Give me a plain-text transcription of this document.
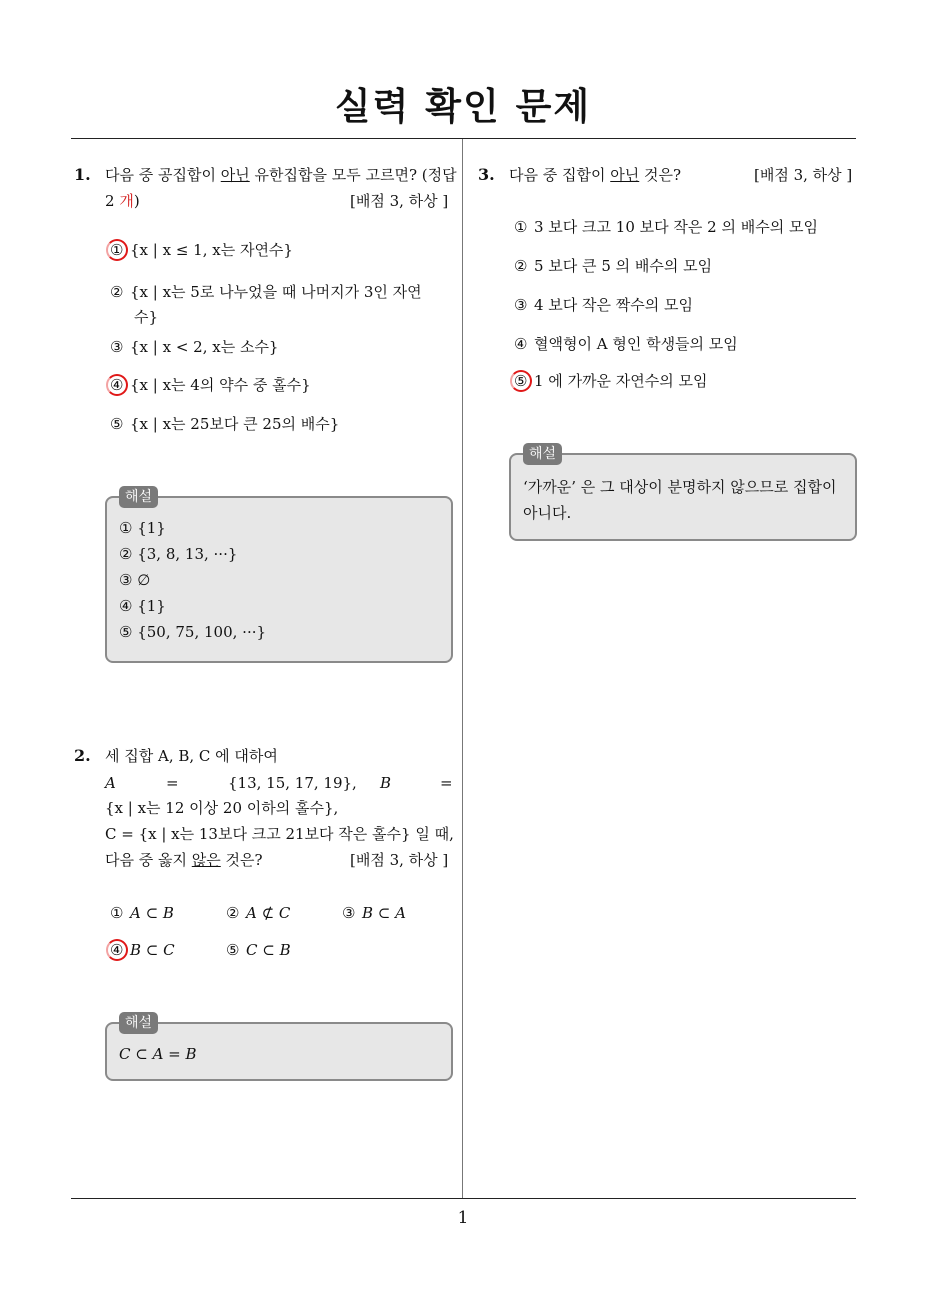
실력 확인 문제
1
1. 다음 중 공집합이 아닌 유한집합을 모두 고르면? (정답
2 개)	[배점 3, 하상 ]
① {x | x ≤ 1, x는 자연수}
② {x | x는 5로 나누었을 때 나머지가 3인 자연
수}
③ {x | x < 2, x는 소수}
④ {x | x는 4의 약수 중 홀수}
⑤ {x | x는 25보다 큰 25의 배수}
해설
① {1}
② {3, 8, 13, ···}
③ ∅
④ {1}
⑤ {50, 75, 100, ···}
2. 세 집합 A, B, C 에 대하여
A	=	{13, 15, 17, 19}, B	=
{x | x는 12 이상 20 이하의 홀수},
C = {x | x는 13보다 크고 21보다 작은 홀수} 일 때,
다음 중 옳지 않은 것은?	[배점 3, 하상 ]
① A ⊂ B	② A ⊄ C	③ B ⊂ A
④ B ⊂ C	⑤ C ⊂ B
해설
C ⊂ A = B
3. 다음 중 집합이 아닌 것은?	[배점 3, 하상 ]
① 3 보다 크고 10 보다 작은 2 의 배수의 모임
② 5 보다 큰 5 의 배수의 모임
③ 4 보다 작은 짝수의 모임
④ 혈액형이 A 형인 학생들의 모임
⑤ 1 에 가까운 자연수의 모임
해설
‘가까운’ 은 그 대상이 분명하지 않으므로 집합이
아니다.
